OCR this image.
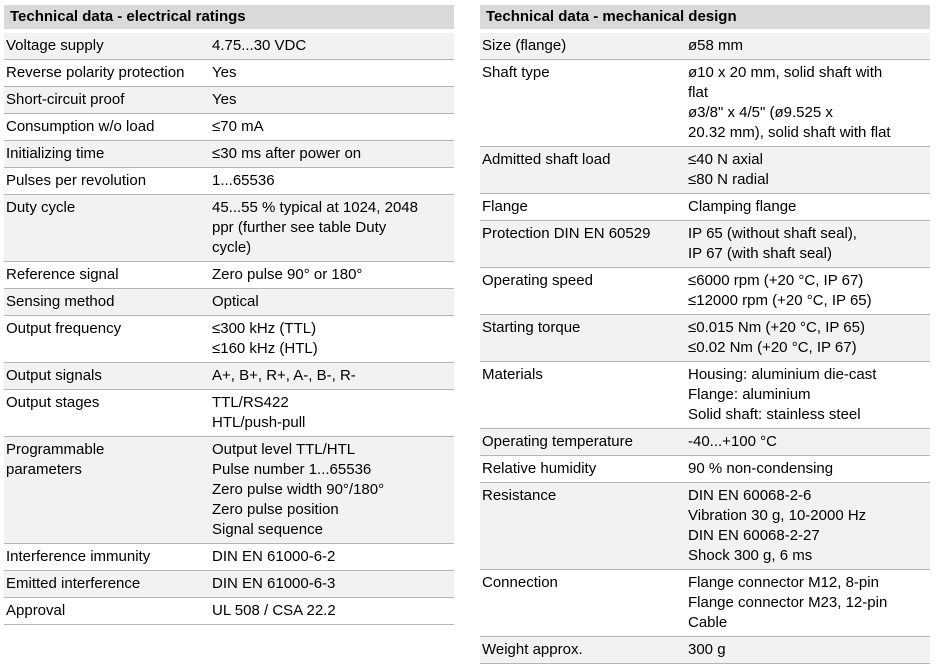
Technical data - electrical ratings
Voltage supply	4.75...30 VDC

Reverse polarity protection	Yes

Short-circuit proof	Yes

Consumption w/o load	≤70 mA

Initializing time	≤30 ms after power on

Pulses per revolution	1...65536

Duty cycle	45...55 % typical at 1024, 2048
ppr (further see table Duty
cycle)

Reference signal	Zero pulse 90° or 180°

Sensing method	Optical

Output frequency	≤300 kHz (TTL)
≤160 kHz (HTL)

Output signals	A+, B+, R+, A-, B-, R-

Output stages	TTL/RS422
HTL/push-pull

Programmable
parameters	Output level TTL/HTL
Pulse number 1...65536
Zero pulse width 90°/180°
Zero pulse position
Signal sequence

Interference immunity	DIN EN 61000-6-2

Emitted interference	DIN EN 61000-6-3

Approval	UL 508 / CSA 22.2
Technical data - mechanical design
Size (flange)	ø58 mm

Shaft type	ø10 x 20 mm, solid shaft with
flat
ø3/8" x 4/5" (ø9.525 x
20.32 mm), solid shaft with flat

Admitted shaft load	≤40 N axial
≤80 N radial

Flange	Clamping flange

Protection DIN EN 60529	IP 65 (without shaft seal),
IP 67 (with shaft seal)

Operating speed	≤6000 rpm (+20 °C, IP 67)
≤12000 rpm (+20 °C, IP 65)

Starting torque	≤0.015 Nm (+20 °C, IP 65)
≤0.02 Nm (+20 °C, IP 67)

Materials	Housing: aluminium die-cast
Flange: aluminium
Solid shaft: stainless steel

Operating temperature	-40...+100 °C

Relative humidity	90 % non-condensing

Resistance	DIN EN 60068-2-6
Vibration 30 g, 10-2000 Hz
DIN EN 60068-2-27
Shock 300 g, 6 ms

Connection	Flange connector M12, 8-pin
Flange connector M23, 12-pin
Cable

Weight approx.	300 g
